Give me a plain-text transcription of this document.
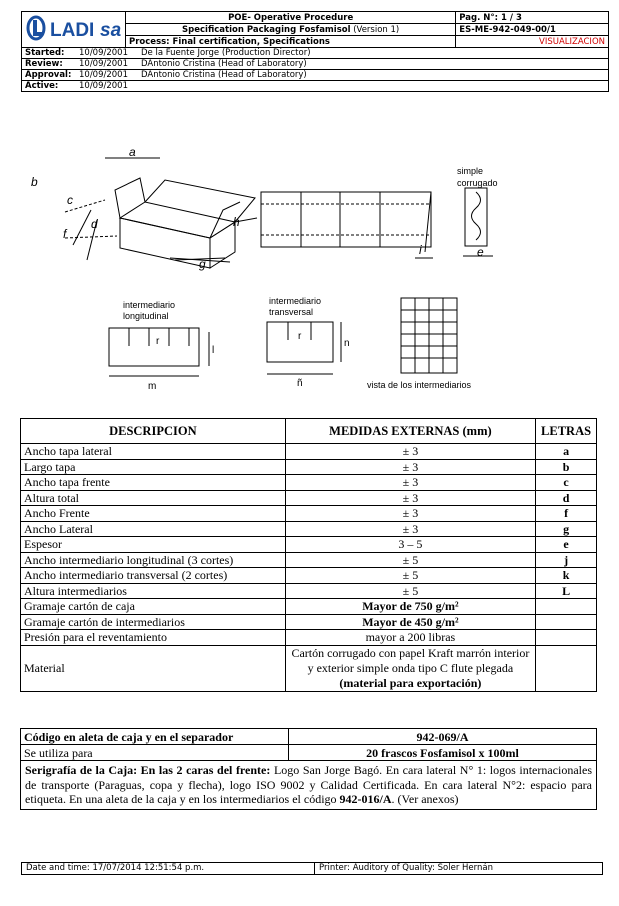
LADI sa	POE- Operative Procedure	Pag. N°: 1 / 3
	Specification Packaging Fosfamisol (Version 1)	ES-ME-942-049-00/1
	Process: Final certification, Specifications	VISUALIZACION
Started: 10/09/2001 De la Fuente Jorge (Production Director)		
Review: 10/09/2001 DAntonio Cristina (Head of Laboratory)		
Approval: 10/09/2001 DAntonio Cristina (Head of Laboratory)		
Active: 10/09/2001		
a
b
c
d
f
g
h
i	e
simple
corrugado
intermediario
longitudinal
intermediario
transversal
r	r
m
l
n
ñ	vista de los intermediarios
DESCRIPCION	MEDIDAS EXTERNAS (mm)	LETRAS
Ancho tapa lateral	± 3	a
Largo tapa	± 3	b
Ancho tapa frente	± 3	c
Altura total	± 3	d
Ancho Frente	± 3	f
Ancho Lateral	± 3	g
Espesor	3 – 5	e
Ancho intermediario longitudinal (3 cortes)	± 5	j
Ancho intermediario transversal (2 cortes)	± 5	k
Altura intermediarios	± 5	L
Gramaje cartón de caja	Mayor de 750 g/m²	
Gramaje cartón de intermediarios	Mayor de 450 g/m²	
Presión para el reventamiento	mayor a 200 libras	
Material	Cartón corrugado con papel Kraft marrón interior y exterior simple onda tipo C flute plegada (material para exportación)	
Código en aleta de caja y en el separador	942-069/A
Se utiliza para	20 frascos Fosfamisol x 100ml
Serigrafía de la Caja: En las 2 caras del frente: Logo San Jorge Bagó. En cara lateral N° 1: logos internacionales de transporte (Paraguas, copa y flecha), logo ISO 9002 y Calidad Certificada. En cara lateral N°2: espacio para etiqueta. En una aleta de la caja y en los intermediarios el código 942-016/A. (Ver anexos)	
Date and time: 17/07/2014 12:51:54 p.m.	Printer: Auditory of Quality: Soler Hernán
